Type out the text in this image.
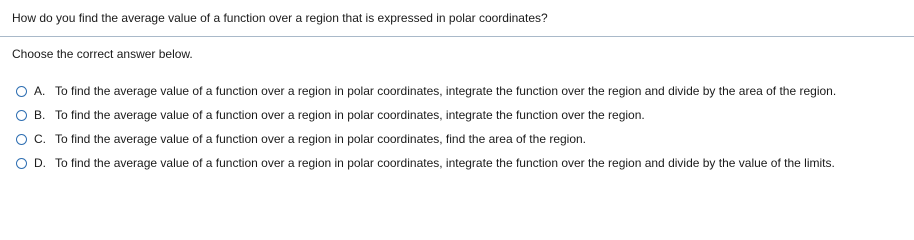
How do you find the average value of a function over a region that is expressed in polar coordinates?
Choose the correct answer below.
A. To find the average value of a function over a region in polar coordinates, integrate the function over the region and divide by the area of the region.
B. To find the average value of a function over a region in polar coordinates, integrate the function over the region.
C. To find the average value of a function over a region in polar coordinates, find the area of the region.
D. To find the average value of a function over a region in polar coordinates, integrate the function over the region and divide by the value of the limits.
